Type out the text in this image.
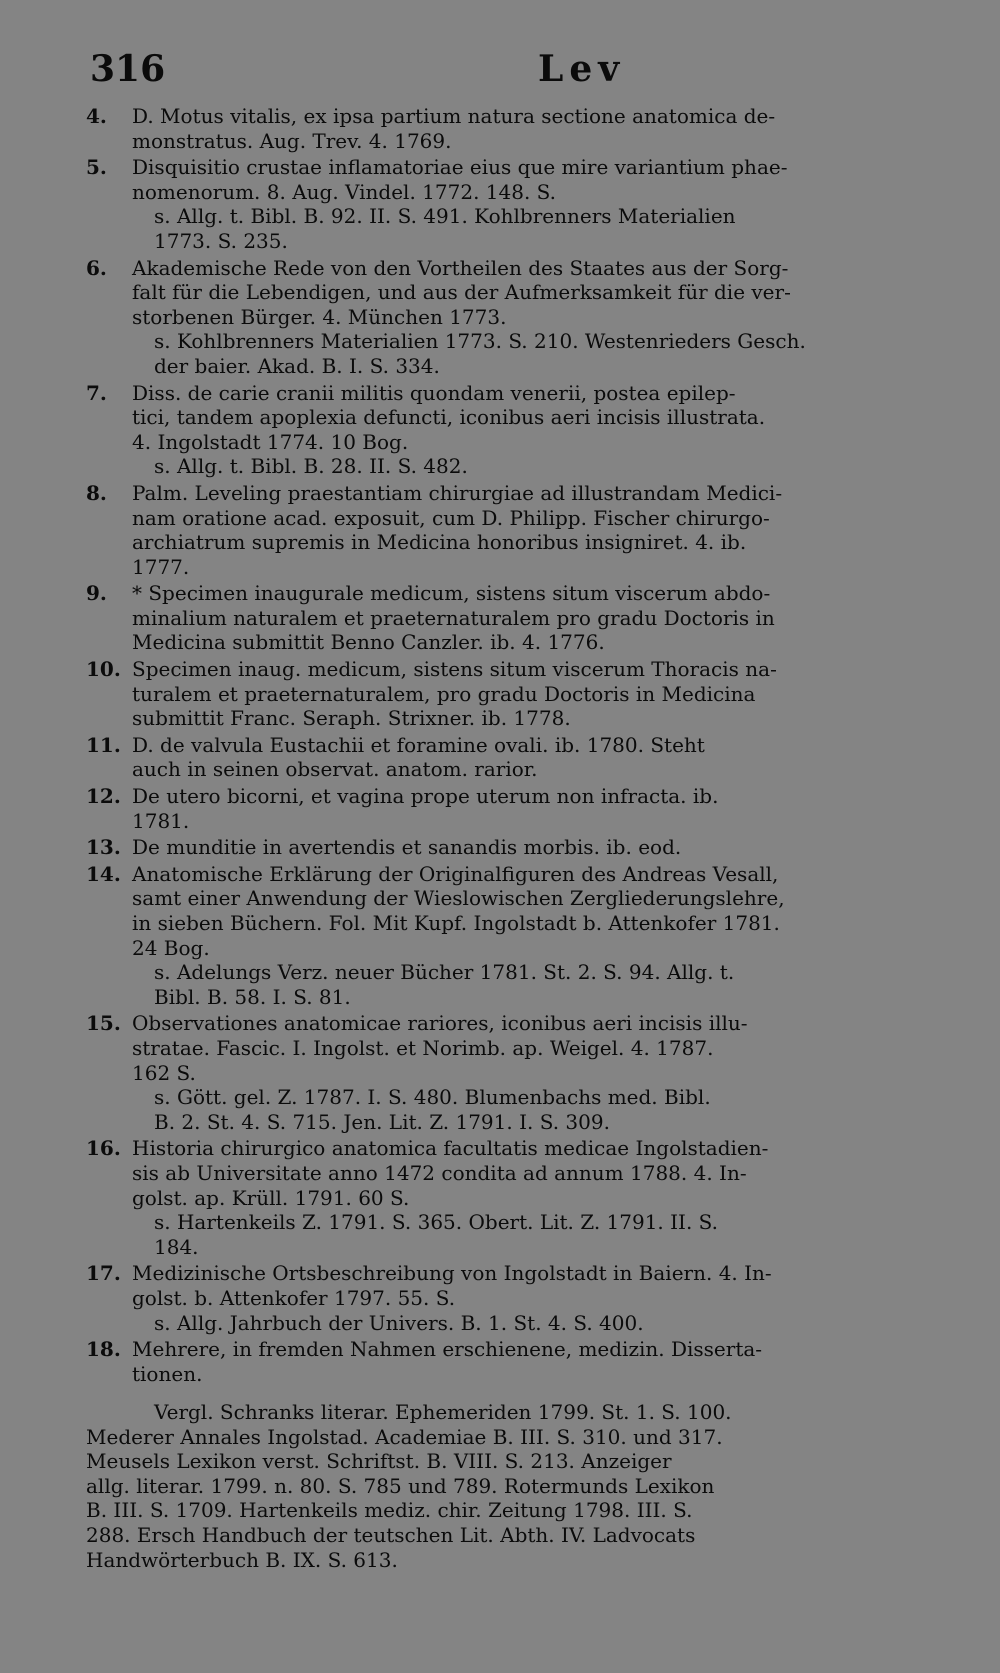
316	Lev
4.	D. Motus vitalis, ex ipsa partium natura sectione anatomica de-
monstratus. Aug. Trev. 4. 1769.
5.	Disquisitio crustae inflamatoriae eius que mire variantium phae-
nomenorum. 8. Aug. Vindel. 1772. 148. S.
s. Allg. t. Bibl. B. 92. II. S. 491. Kohlbrenners Materialien
1773. S. 235.
6.	Akademische Rede von den Vortheilen des Staates aus der Sorg-
falt für die Lebendigen, und aus der Aufmerksamkeit für die ver-
storbenen Bürger. 4. München 1773.
s. Kohlbrenners Materialien 1773. S. 210. Westenrieders Gesch.
der baier. Akad. B. I. S. 334.
7.	Diss. de carie cranii militis quondam venerii, postea epilep-
tici, tandem apoplexia defuncti, iconibus aeri incisis illustrata.
4. Ingolstadt 1774. 10 Bog.
s. Allg. t. Bibl. B. 28. II. S. 482.
8.	Palm. Leveling praestantiam chirurgiae ad illustrandam Medici-
nam oratione acad. exposuit, cum D. Philipp. Fischer chirurgo-
archiatrum supremis in Medicina honoribus insigniret. 4. ib.
1777.
9.	* Specimen inaugurale medicum, sistens situm viscerum abdo-
minalium naturalem et praeternaturalem pro gradu Doctoris in
Medicina submittit Benno Canzler. ib. 4. 1776.
10. Specimen inaug. medicum, sistens situm viscerum Thoracis na-
turalem et praeternaturalem, pro gradu Doctoris in Medicina
submittit Franc. Seraph. Strixner. ib. 1778.
11. D. de valvula Eustachii et foramine ovali. ib. 1780. Steht
auch in seinen observat. anatom. rarior.
12. De utero bicorni, et vagina prope uterum non infracta. ib.
1781.
13. De munditie in avertendis et sanandis morbis. ib. eod.
14. Anatomische Erklärung der Originalfiguren des Andreas Vesall,
samt einer Anwendung der Wieslowischen Zergliederungslehre,
in sieben Büchern. Fol. Mit Kupf. Ingolstadt b. Attenkofer 1781.
24 Bog.
s. Adelungs Verz. neuer Bücher 1781. St. 2. S. 94. Allg. t.
Bibl. B. 58. I. S. 81.
15. Observationes anatomicae rariores, iconibus aeri incisis illu-
stratae. Fascic. I. Ingolst. et Norimb. ap. Weigel. 4. 1787.
162 S.
s. Gött. gel. Z. 1787. I. S. 480. Blumenbachs med. Bibl.
B. 2. St. 4. S. 715. Jen. Lit. Z. 1791. I. S. 309.
16. Historia chirurgico anatomica facultatis medicae Ingolstadien-
sis ab Universitate anno 1472 condita ad annum 1788. 4. In-
golst. ap. Krüll. 1791. 60 S.
s. Hartenkeils Z. 1791. S. 365. Obert. Lit. Z. 1791. II. S.
184.
17. Medizinische Ortsbeschreibung von Ingolstadt in Baiern. 4. In-
golst. b. Attenkofer 1797. 55. S.
s. Allg. Jahrbuch der Univers. B. 1. St. 4. S. 400.
18. Mehrere, in fremden Nahmen erschienene, medizin. Disserta-
tionen.
Vergl. Schranks literar. Ephemeriden 1799. St. 1. S. 100.
Mederer Annales Ingolstad. Academiae B. III. S. 310. und 317.
Meusels Lexikon verst. Schriftst. B. VIII. S. 213. Anzeiger
allg. literar. 1799. n. 80. S. 785 und 789. Rotermunds Lexikon
B. III. S. 1709. Hartenkeils mediz. chir. Zeitung 1798. III. S.
288. Ersch Handbuch der teutschen Lit. Abth. IV. Ladvocats
Handwörterbuch B. IX. S. 613.
